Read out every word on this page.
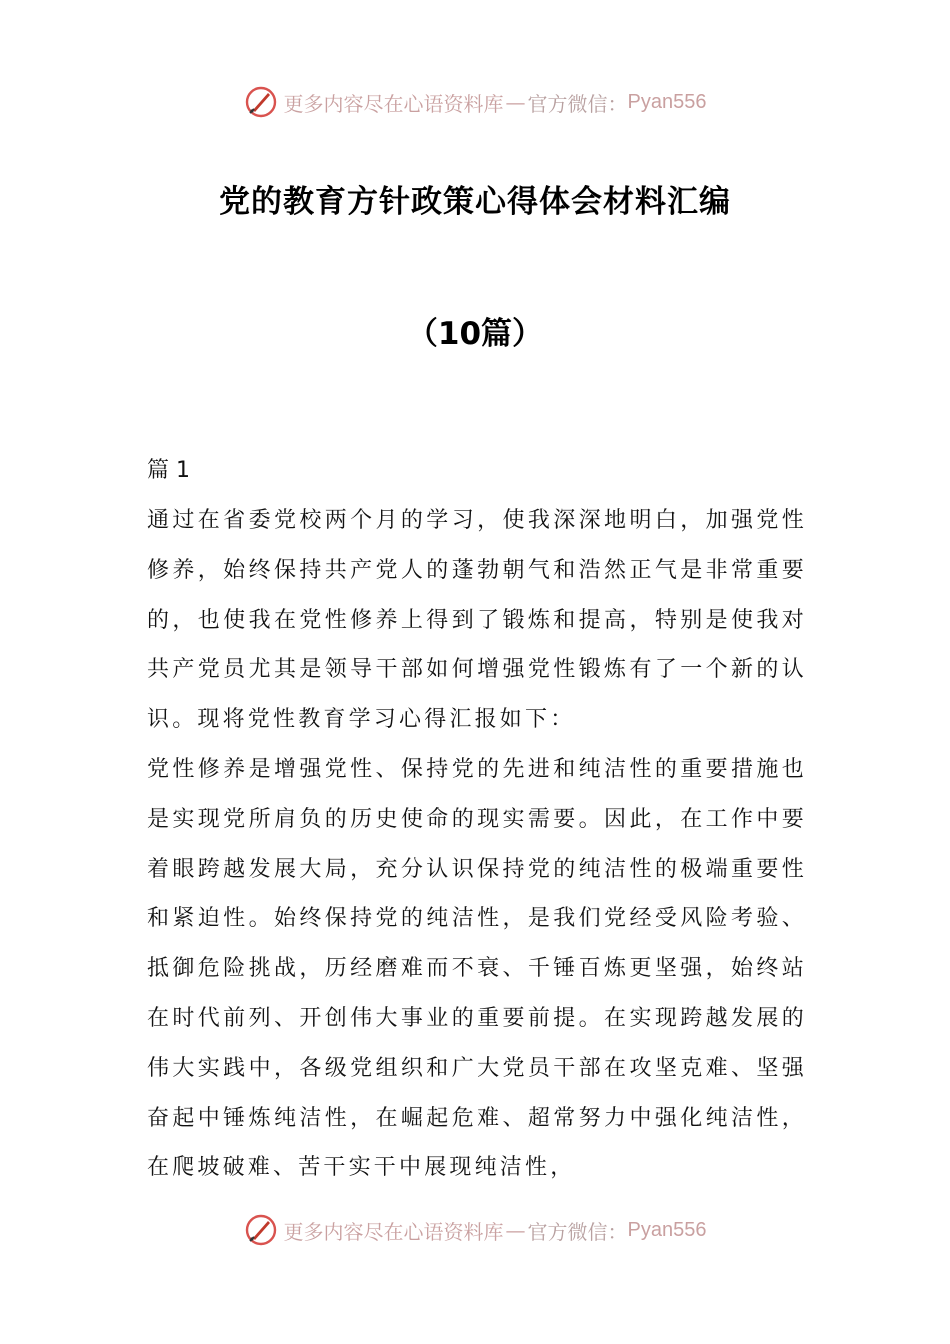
更多内容尽在心语资料库 — 官方微信： Pyan556
党的教育方针政策心得体会材料汇编
（10篇）

篇 1

通过在省委党校两个月的学习，使我深深地明白，加强党性修养，始终保持共产党人的蓬勃朝气和浩然正气是非常重要的，也使我在党性修养上得到了锻炼和提高，特别是使我对共产党员尤其是领导干部如何增强党性锻炼有了一个新的认识。现将党性教育学习心得汇报如下：

党性修养是增强党性、保持党的先进和纯洁性的重要措施也是实现党所肩负的历史使命的现实需要。因此，在工作中要着眼跨越发展大局，充分认识保持党的纯洁性的极端重要性和紧迫性。始终保持党的纯洁性，是我们党经受风险考验、抵御危险挑战，历经磨难而不衰、千锤百炼更坚强，始终站在时代前列、开创伟大事业的重要前提。在实现跨越发展的伟大实践中，各级党组织和广大党员干部在攻坚克难、坚强奋起中锤炼纯洁性，在崛起危难、超常努力中强化纯洁性，在爬坡破难、苦干实干中展现纯洁性，

更多内容尽在心语资料库 — 官方微信： Pyan556
